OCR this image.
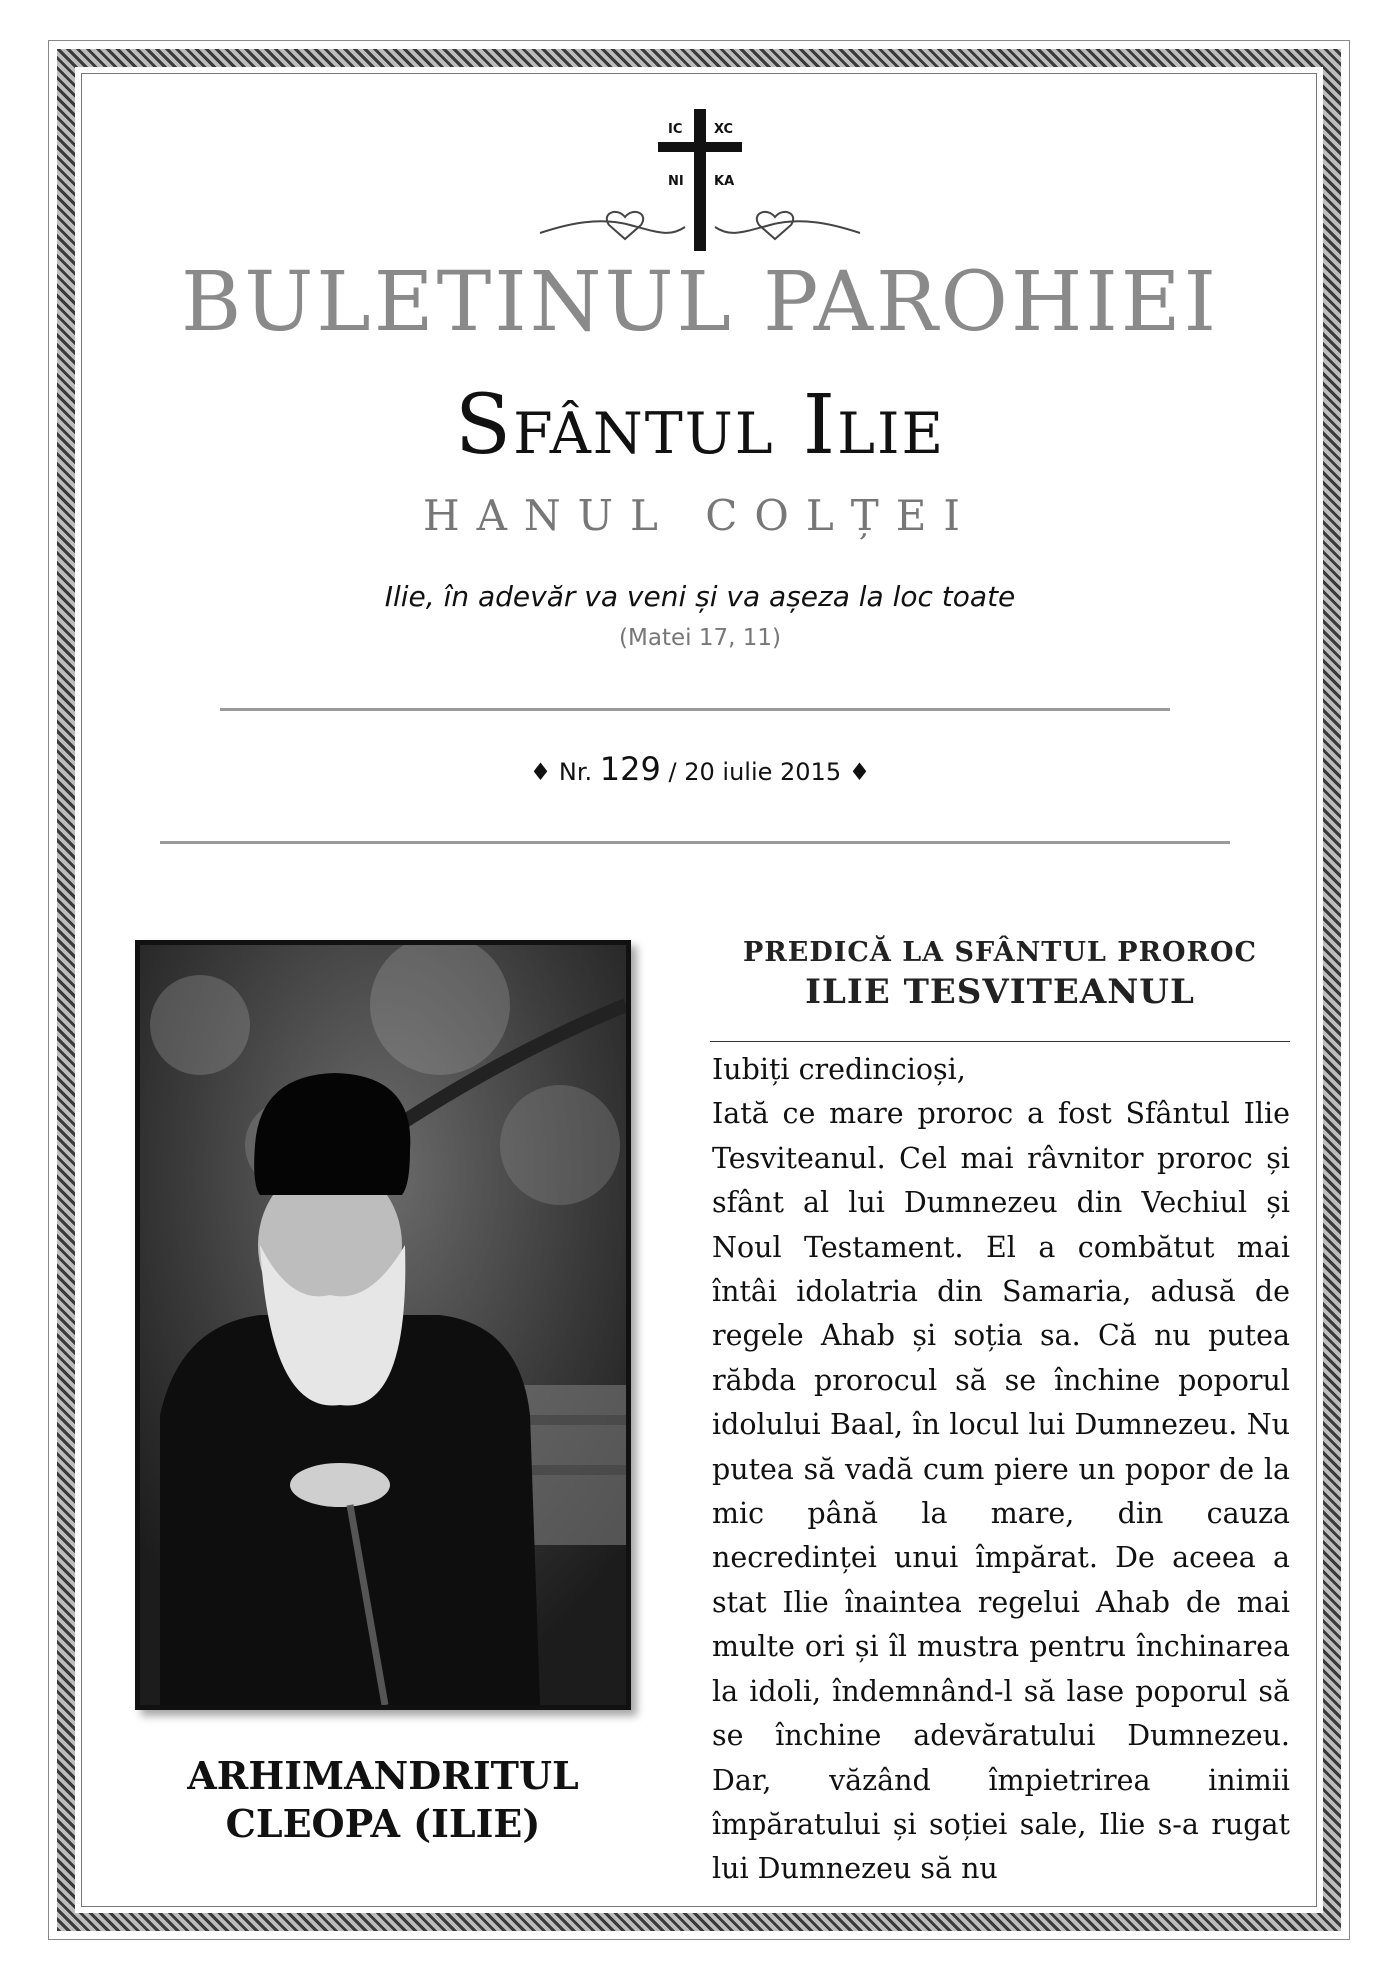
IC XC
NI KA
BULETINUL PAROHIEI
Sfântul Ilie
HANUL COLȚEI
Ilie, în adevăr va veni și va așeza la loc toate
(Matei 17, 11)
♦ Nr. 129 / 20 iulie 2015 ♦
ARHIMANDRITUL
CLEOPA (ILIE)
PREDICĂ LA SFÂNTUL PROROC
ILIE TESVITEANUL

Iubiți credincioși,

Iată ce mare proroc a fost Sfântul Ilie Tesviteanul. Cel mai râvnitor proroc și sfânt al lui Dumnezeu din Vechiul și Noul Testament. El a combătut mai întâi idolatria din Samaria, adusă de regele Ahab și soția sa. Că nu putea răbda prorocul să se închine poporul idolului Baal, în locul lui Dumnezeu. Nu putea să vadă cum piere un popor de la mic până la mare, din cauza necredinței unui împărat. De aceea a stat Ilie înaintea regelui Ahab de mai multe ori și îl mustra pentru închinarea la idoli, îndemnând-l să lase poporul să se închine adevăratului Dumnezeu. Dar, văzând împietrirea inimii împăratului și soției sale, Ilie s-a rugat lui Dumnezeu să nu
